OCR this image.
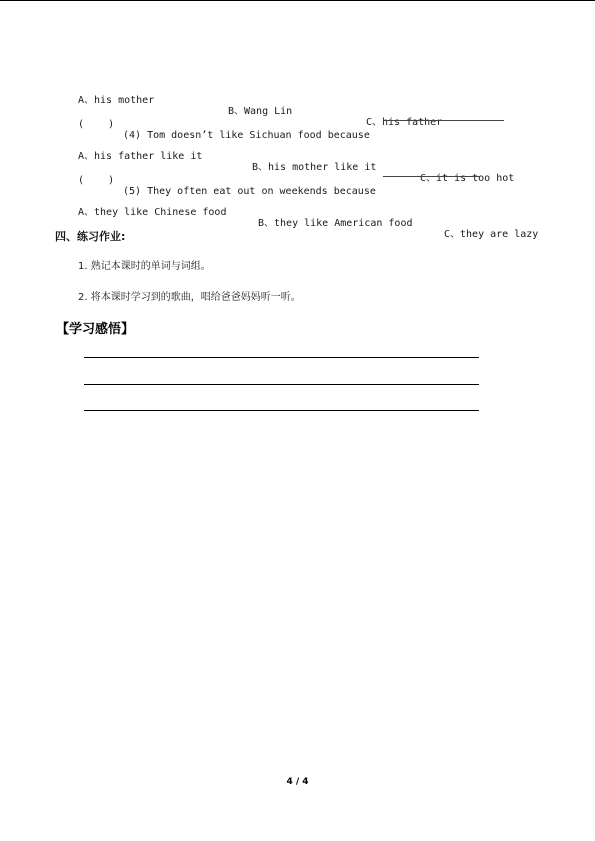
A、his mother

B、Wang Lin

C、his father

(    )

(4) Tom doesn’t like Sichuan food because

A、his father like it

B、his mother like it

C、it is too hot

(    )

(5) They often eat out on weekends because

A、they like Chinese food

B、they like American food

C、they are lazy

四、练习作业:
1. 熟记本课时的单词与词组。
2. 将本课时学习到的歌曲，唱给爸爸妈妈听一听。
【学习感悟】
4 / 4
